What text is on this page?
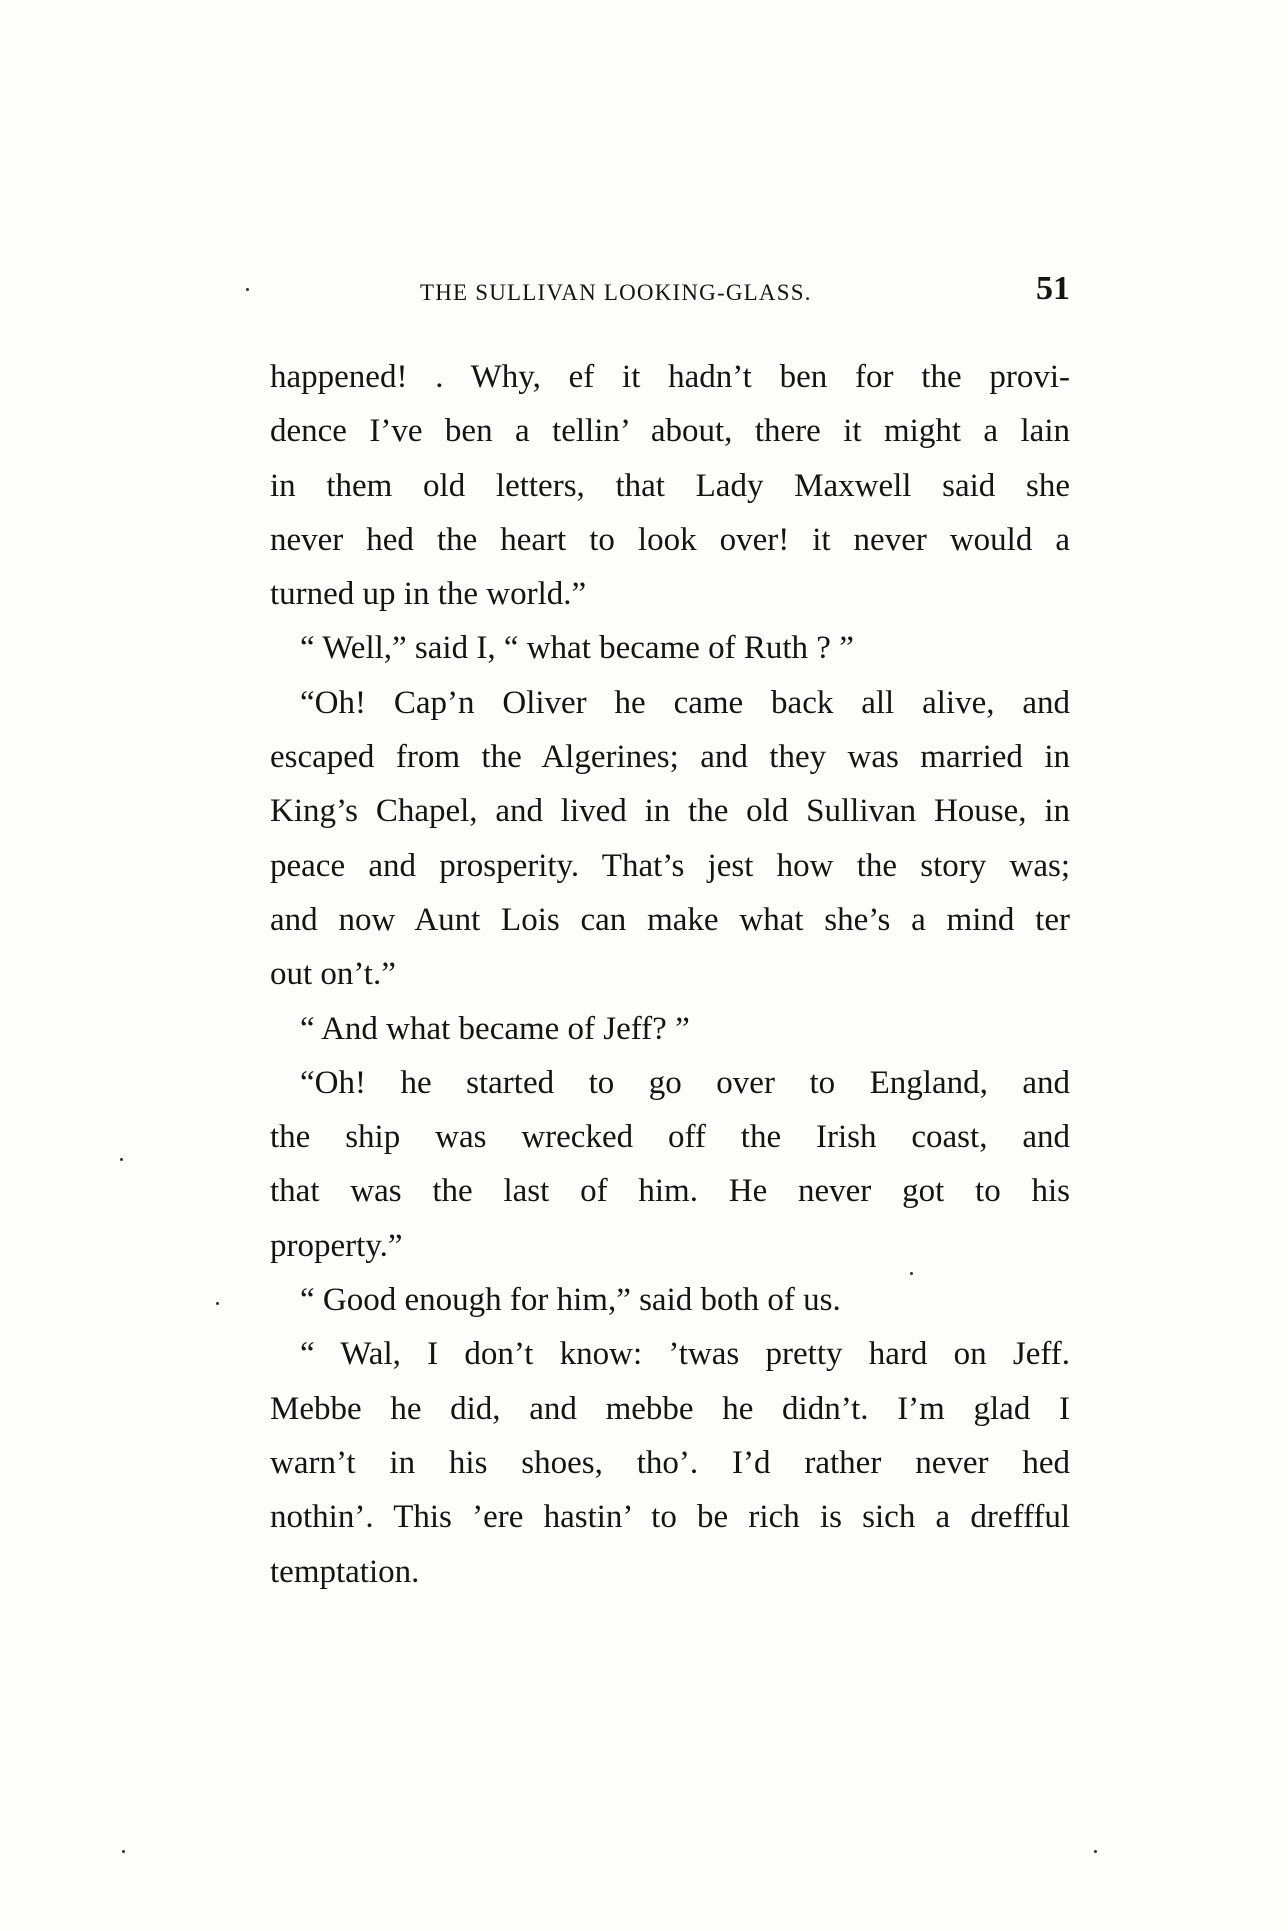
THE SULLIVAN LOOKING-GLASS.	51
happened! . Why, ef it hadn’t ben for the provi-
dence I’ve ben a tellin’ about, there it might a lain
in them old letters, that Lady Maxwell said she
never hed the heart to look over! it never would a
turned up in the world.”
“ Well,” said I, “ what became of Ruth ? ”
“Oh! Cap’n Oliver he came back all alive, and
escaped from the Algerines; and they was married in
King’s Chapel, and lived in the old Sullivan House, in
peace and prosperity. That’s jest how the story was;
and now Aunt Lois can make what she’s a mind ter
out on’t.”
“ And what became of Jeff? ”
“Oh! he started to go over to England, and
the ship was wrecked off the Irish coast, and
that was the last of him. He never got to his
property.”
“ Good enough for him,” said both of us.
“ Wal, I don’t know: ’twas pretty hard on Jeff.
Mebbe he did, and mebbe he didn’t. I’m glad I
warn’t in his shoes, tho’. I’d rather never hed
nothin’. This ’ere hastin’ to be rich is sich a dreffful
temptation.
